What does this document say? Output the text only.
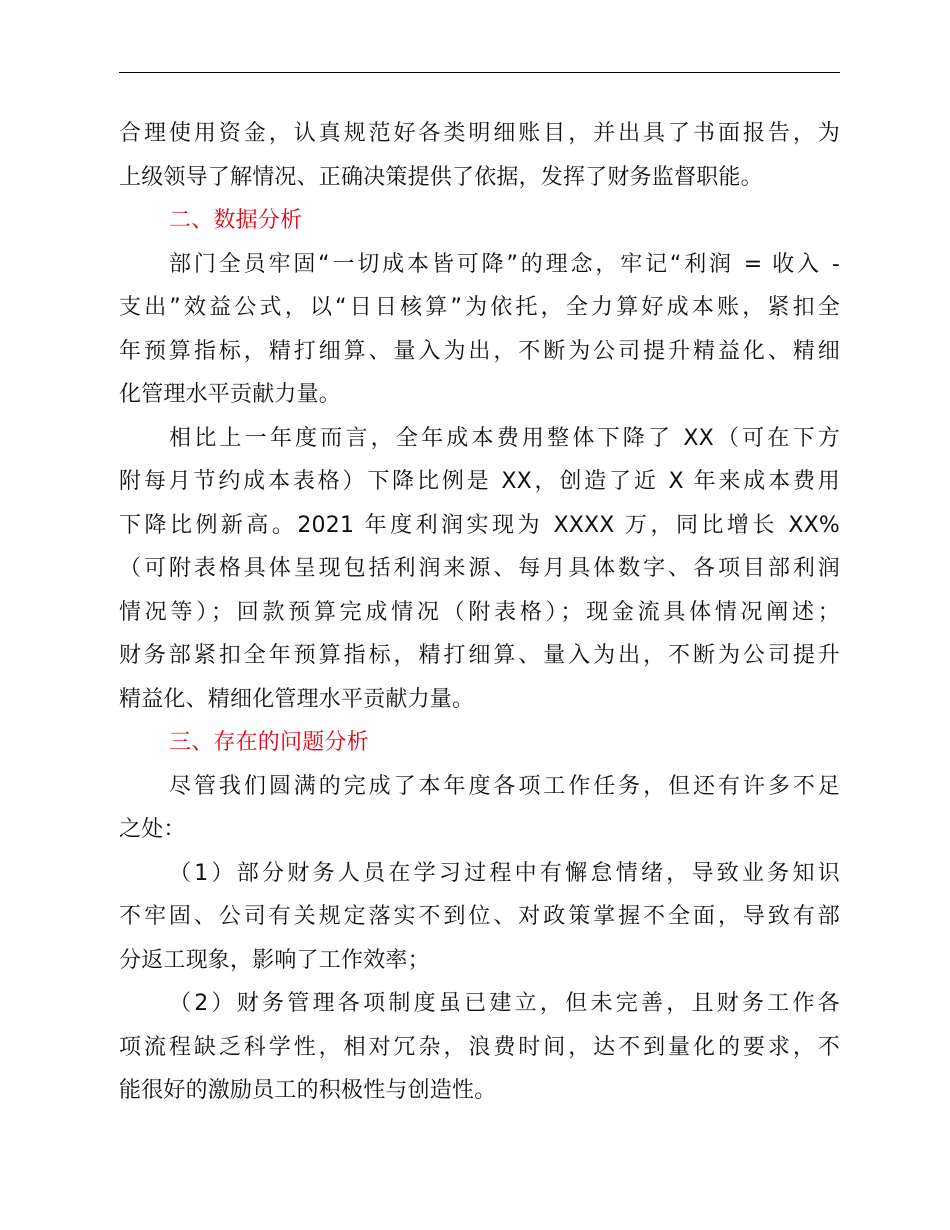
合理使用资金，认真规范好各类明细账目，并出具了书面报告，为
上级领导了解情况、正确决策提供了依据，发挥了财务监督职能。
二、数据分析
部门全员牢固“一切成本皆可降”的理念，牢记“利润 = 收入 -
支出”效益公式，以“日日核算”为依托，全力算好成本账，紧扣全
年预算指标，精打细算、量入为出，不断为公司提升精益化、精细
化管理水平贡献力量。
相比上一年度而言，全年成本费用整体下降了 XX（可在下方
附每月节约成本表格）下降比例是 XX，创造了近 X 年来成本费用
下降比例新高。2021 年度利润实现为 XXXX 万，同比增长 XX%
（可附表格具体呈现包括利润来源、每月具体数字、各项目部利润
情况等）；回款预算完成情况（附表格）；现金流具体情况阐述；
财务部紧扣全年预算指标，精打细算、量入为出，不断为公司提升
精益化、精细化管理水平贡献力量。
三、存在的问题分析
尽管我们圆满的完成了本年度各项工作任务，但还有许多不足
之处：
（1）部分财务人员在学习过程中有懈怠情绪，导致业务知识
不牢固、公司有关规定落实不到位、对政策掌握不全面，导致有部
分返工现象，影响了工作效率；
（2）财务管理各项制度虽已建立，但未完善，且财务工作各
项流程缺乏科学性，相对冗杂，浪费时间，达不到量化的要求，不
能很好的激励员工的积极性与创造性。
